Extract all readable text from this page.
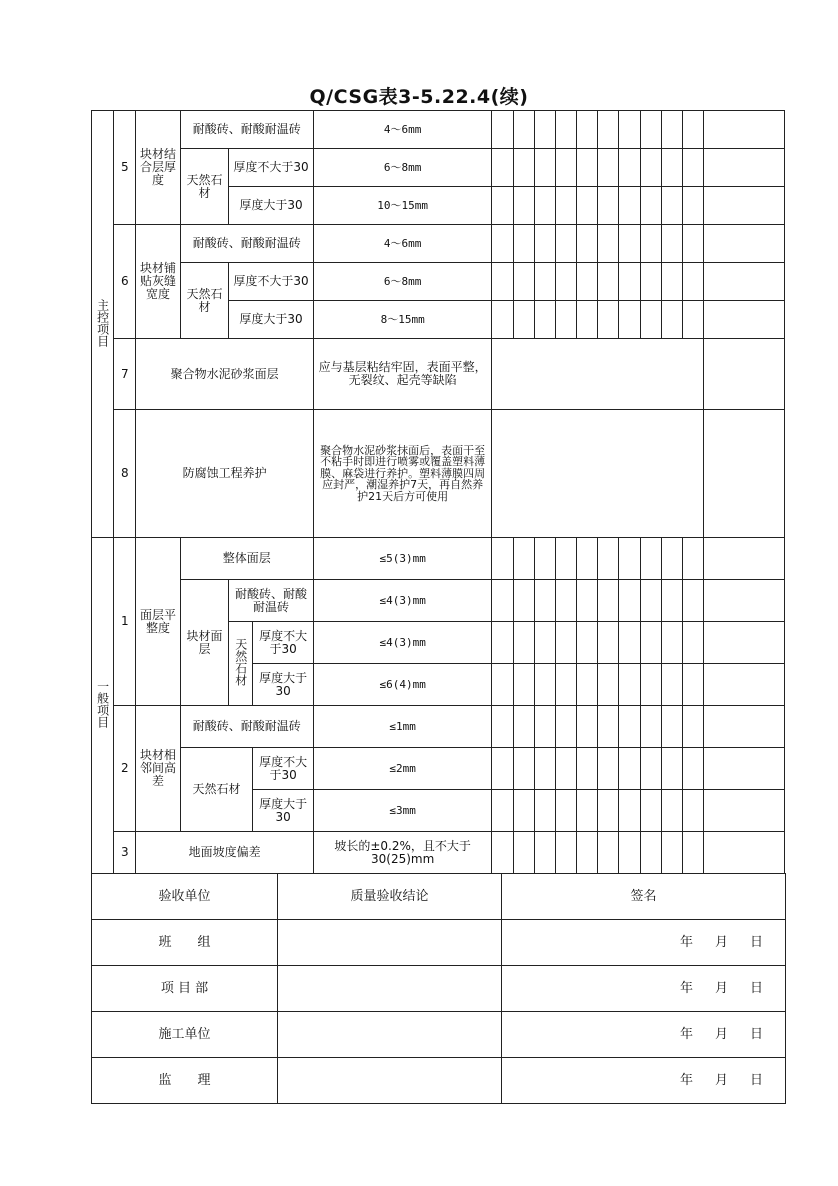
Q/CSG表3-5.22.4(续)
主控项目	5	块材结合层厚度	耐酸砖、耐酸耐温砖			4～6mm											
			天然石材	厚度不大于30		6～8mm											
				厚度大于30		10～15mm											
	6	块材铺贴灰缝宽度	耐酸砖、耐酸耐温砖			4～6mm											
			天然石材	厚度不大于30		6～8mm											
				厚度大于30		8～15mm											
	7	聚合物水泥砂浆面层				应与基层粘结牢固，表面平整，无裂纹、起壳等缺陷											
	8	防腐蚀工程养护				聚合物水泥砂浆抹面后，表面干至不粘手时即进行喷雾或覆盖塑料薄膜、麻袋进行养护。塑料薄膜四周应封严，潮湿养护7天，再自然养护21天后方可使用											
一般项目	1	面层平整度	整体面层			≤5(3)mm											
			块材面层	耐酸砖、耐酸耐温砖		≤4(3)mm											
				天然石材	厚度不大于30	≤4(3)mm											
					厚度大于30	≤6(4)mm											
	2	块材相邻间高差	耐酸砖、耐酸耐温砖			≤1mm											
			天然石材		厚度不大于30	≤2mm											
					厚度大于30	≤3mm											
	3	地面坡度偏差				坡长的±0.2%，且不大于30(25)mm											
验收单位	质量验收结论	签名
班　　组		年 月 日
项 目 部		年 月 日
施工单位		年 月 日
监　　理		年 月 日
